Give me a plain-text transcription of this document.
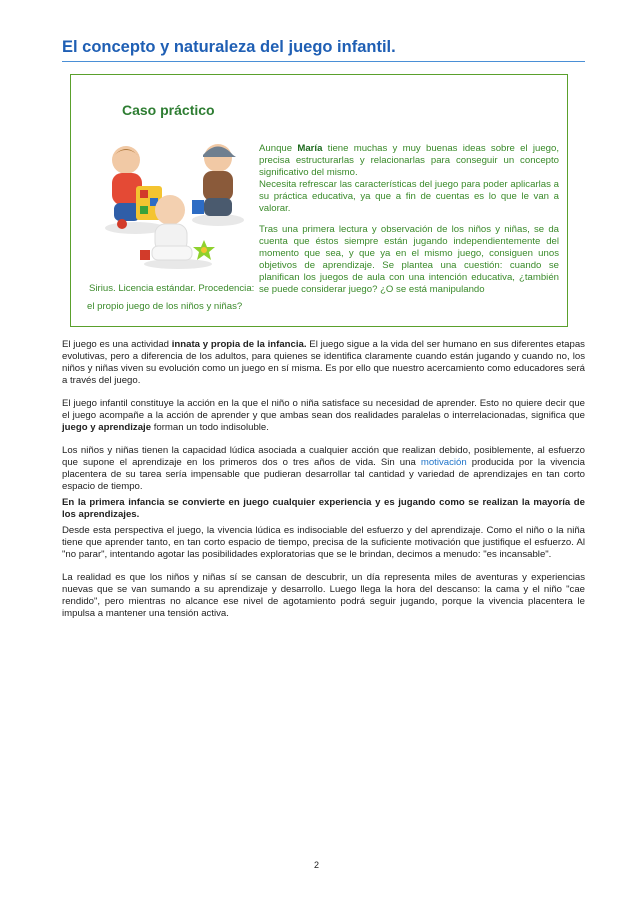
El concepto y naturaleza del juego infantil.
Caso práctico
Sirius. Licencia estándar. Procedencia:
el propio juego de los niños y niñas?

Aunque María tiene muchas y muy buenas ideas sobre el juego, precisa estructurarlas y relacionarlas para conseguir un concepto significativo del mismo.
Necesita refrescar las características del juego para poder aplicarlas a su práctica educativa, ya que a fin de cuentas es lo que le van a valorar.

Tras una primera lectura y observación de los niños y niñas, se da cuenta que éstos siempre están jugando independientemente del momento que sea, y que ya en el mismo juego, consiguen unos objetivos de aprendizaje. Se plantea una cuestión: cuando se planifican los juegos de aula con una intención educativa, ¿también se puede considerar juego? ¿O se está manipulando

El juego es una actividad innata y propia de la infancia. El juego sigue a la vida del ser humano en sus diferentes etapas evolutivas, pero a diferencia de los adultos, para quienes se identifica claramente cuando están jugando y cuando no, los niños y niñas viven su evolución como un juego en sí misma. Es por ello que nuestro acercamiento como educadores será a través del juego.

El juego infantil constituye la acción en la que el niño o niña satisface su necesidad de aprender. Esto no quiere decir que el juego acompañe a la acción de aprender y que ambas sean dos realidades paralelas o interrelacionadas, significa que juego y aprendizaje forman un todo indisoluble.

Los niños y niñas tienen la capacidad lúdica asociada a cualquier acción que realizan debido, posiblemente, al esfuerzo que supone el aprendizaje en los primeros dos o tres años de vida. Sin una motivación producida por la vivencia placentera de su tarea sería impensable que pudieran desarrollar tal cantidad y variedad de aprendizajes en tan corto espacio de tiempo.

En la primera infancia se convierte en juego cualquier experiencia y es jugando como se realizan la mayoría de los aprendizajes.

Desde esta perspectiva el juego, la vivencia lúdica es indisociable del esfuerzo y del aprendizaje. Como el niño o la niña tiene que aprender tanto, en tan corto espacio de tiempo, precisa de la suficiente motivación que justifique el esfuerzo. Al "no parar", intentando agotar las posibilidades exploratorias que se le brindan, decimos a menudo: "es incansable".

La realidad es que los niños y niñas sí se cansan de descubrir, un día representa miles de aventuras y experiencias nuevas que se van sumando a su aprendizaje y desarrollo. Luego llega la hora del descanso: la cama y el niño "cae rendido", pero mientras no alcance ese nivel de agotamiento podrá seguir jugando, porque la vivencia placentera le impulsa a mantener una tensión activa.

2
